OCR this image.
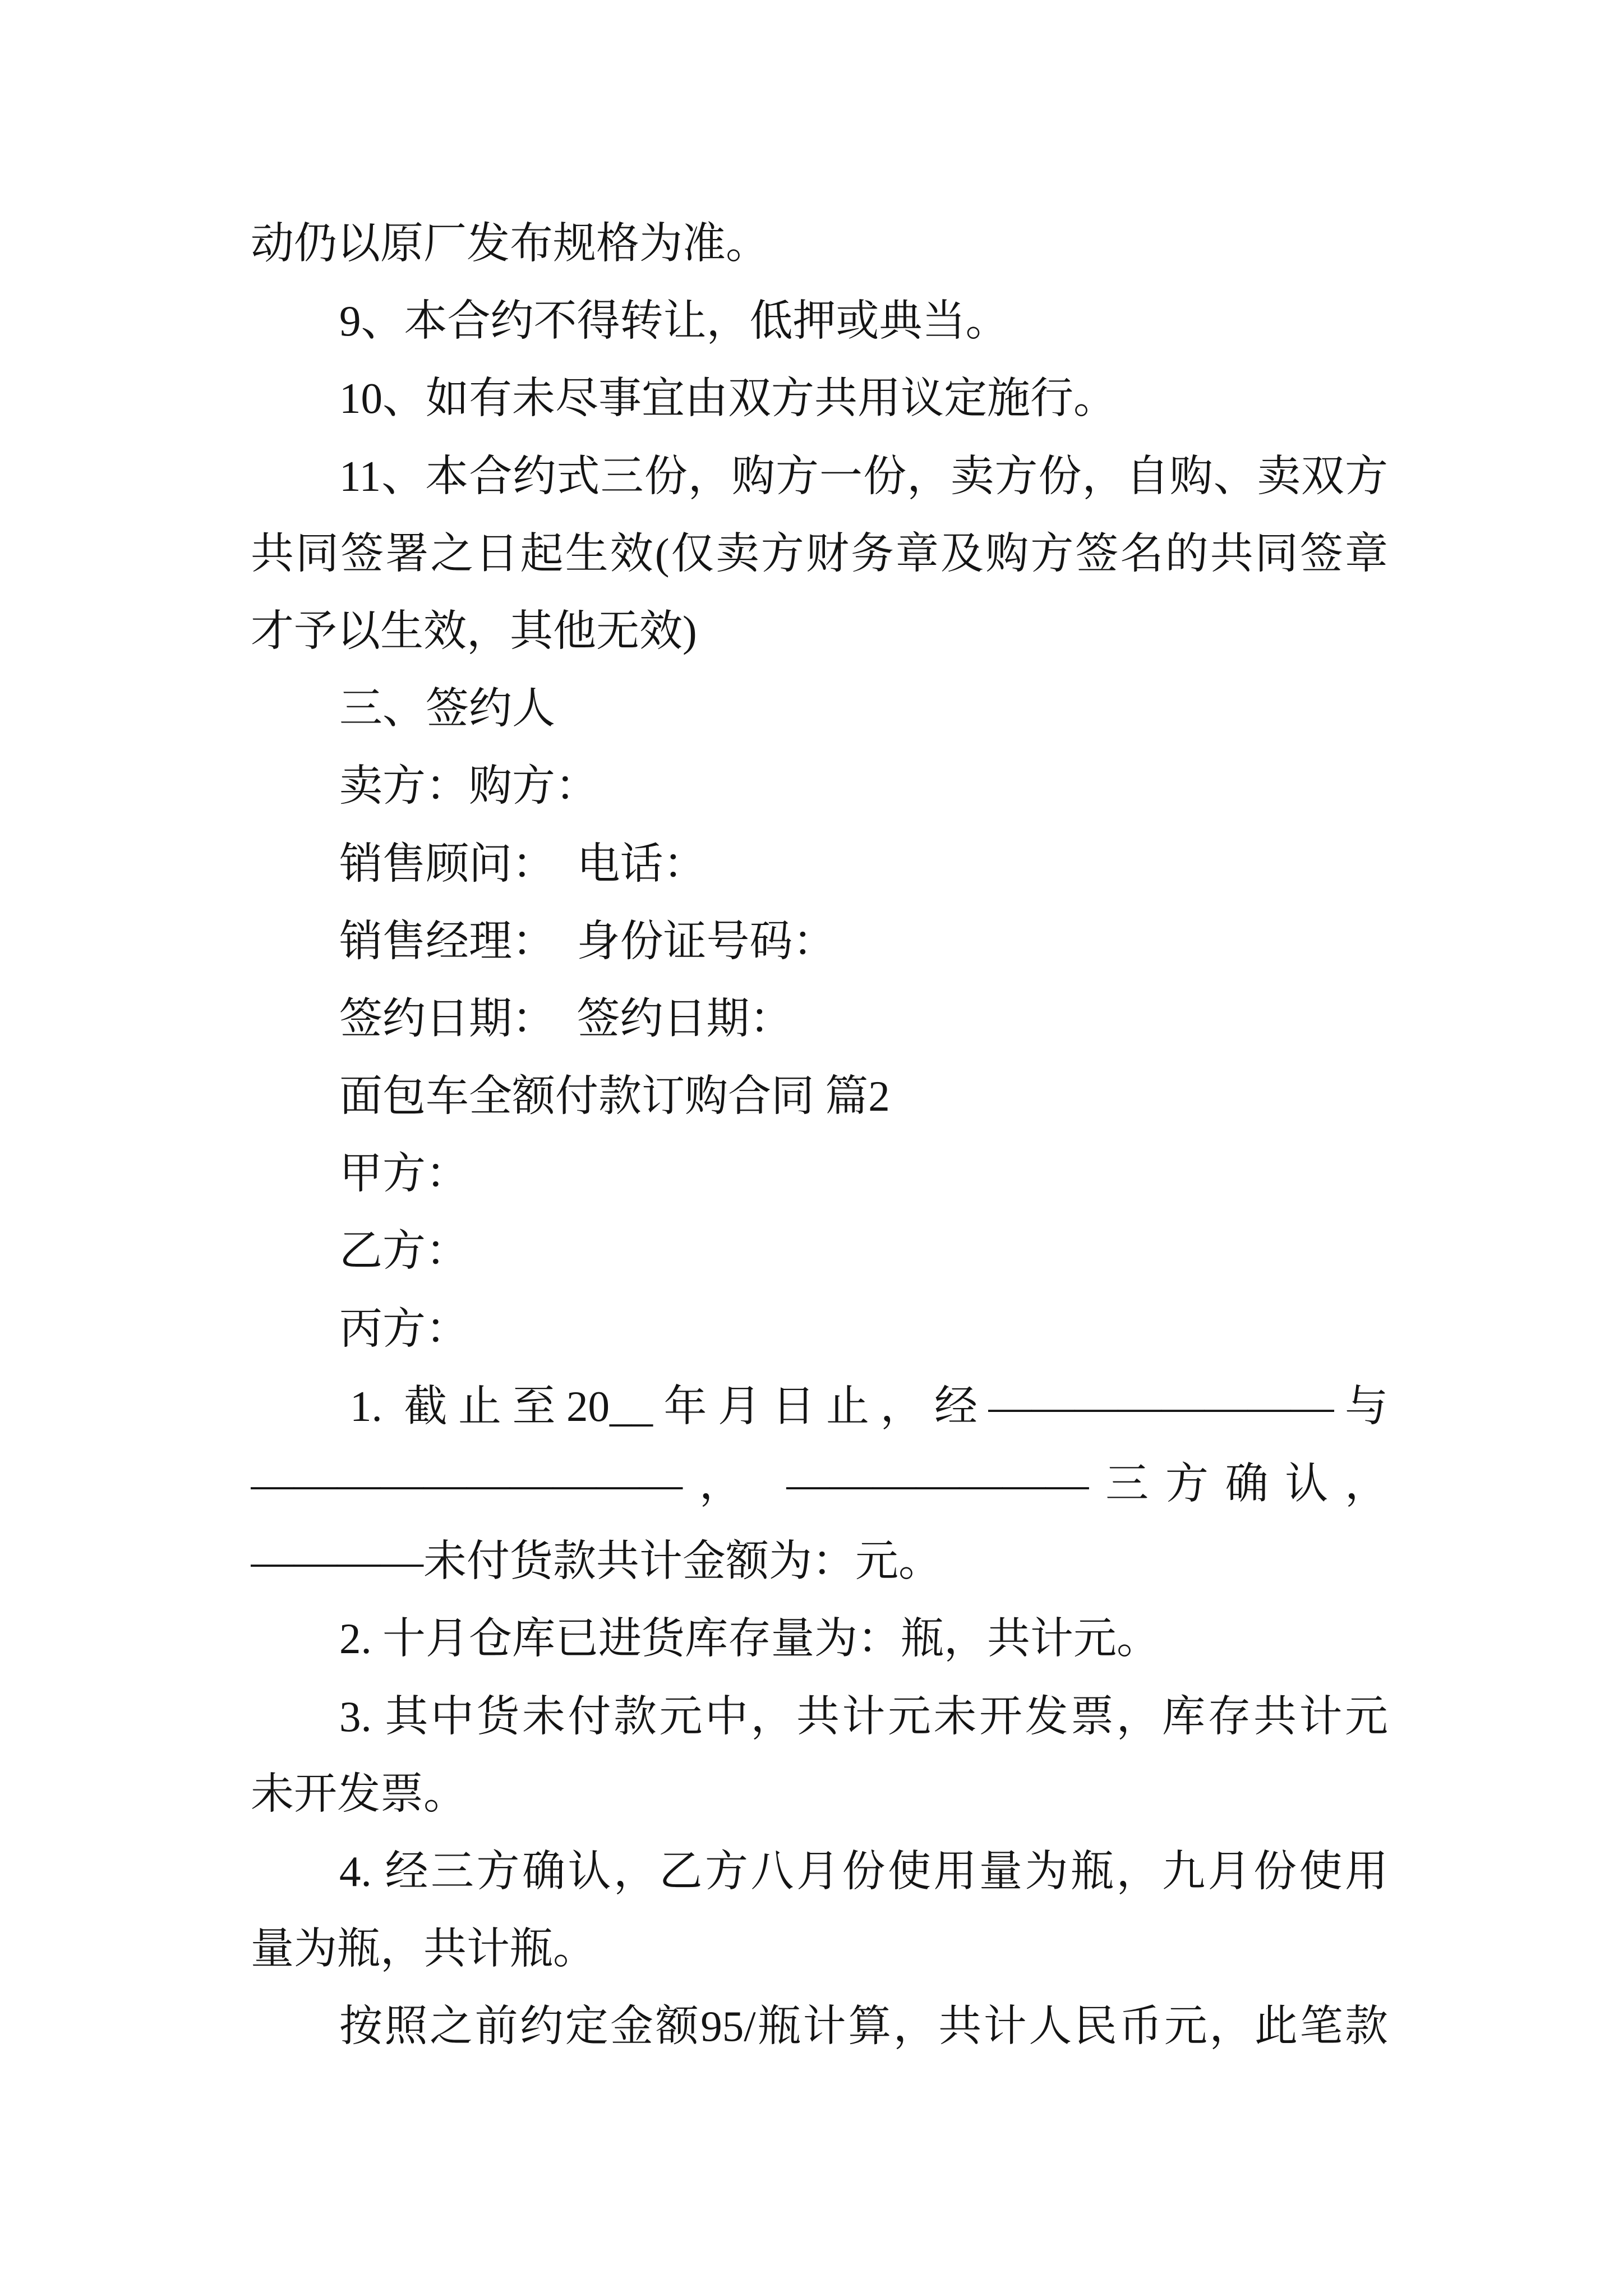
动仍以原厂发布规格为准。
9、本合约不得转让，低押或典当。
10、如有未尽事宜由双方共用议定施行。
11、本合约式三份，购方一份，卖方份，自购、卖双方
共同签署之日起生效(仅卖方财务章及购方签名的共同签章
才予以生效，其他无效)
三、签约人
卖方：购方：
销售顾问：  电话：
销售经理：  身份证号码：
签约日期：  签约日期：
面包车全额付款订购合同 篇2
甲方：
乙方：
丙方：
1. 截止至20__年月日止，经————————与
——————————， ———————三方确认，
————未付货款共计金额为：元。
2. 十月仓库已进货库存量为：瓶，共计元。
3. 其中货未付款元中，共计元未开发票，库存共计元
未开发票。
4. 经三方确认，乙方八月份使用量为瓶，九月份使用
量为瓶，共计瓶。
按照之前约定金额95/瓶计算，共计人民币元，此笔款
